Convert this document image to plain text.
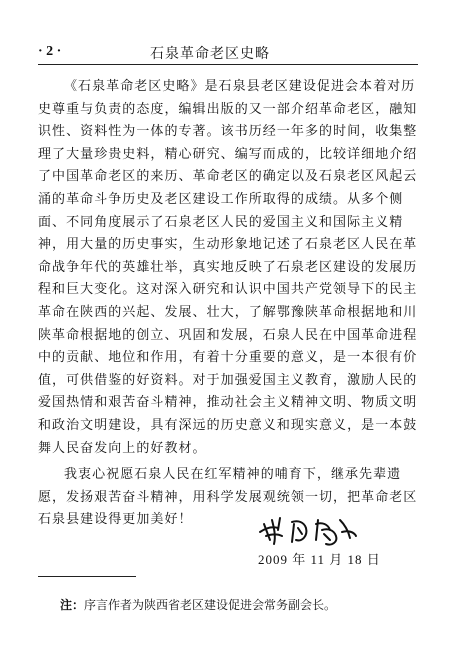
· 2 ·	石泉革命老区史略
《石泉革命老区史略》是石泉县老区建设促进会本着对历
史尊重与负责的态度，编辑出版的又一部介绍革命老区，融知
识性、资料性为一体的专著。该书历经一年多的时间，收集整
理了大量珍贵史料，精心研究、编写而成的，比较详细地介绍
了中国革命老区的来历、革命老区的确定以及石泉老区风起云
涌的革命斗争历史及老区建设工作所取得的成绩。从多个侧
面、不同角度展示了石泉老区人民的爱国主义和国际主义精
神，用大量的历史事实，生动形象地记述了石泉老区人民在革
命战争年代的英雄壮举，真实地反映了石泉老区建设的发展历
程和巨大变化。这对深入研究和认识中国共产党领导下的民主
革命在陕西的兴起、发展、壮大，了解鄂豫陕革命根据地和川
陕革命根据地的创立、巩固和发展，石泉人民在中国革命进程
中的贡献、地位和作用，有着十分重要的意义，是一本很有价
值，可供借鉴的好资料。对于加强爱国主义教育，激励人民的
爱国热情和艰苦奋斗精神，推动社会主义精神文明、物质文明
和政治文明建设，具有深远的历史意义和现实意义，是一本鼓
舞人民奋发向上的好教材。
我衷心祝愿石泉人民在红军精神的哺育下，继承先辈遗
愿，发扬艰苦奋斗精神，用科学发展观统领一切，把革命老区
石泉县建设得更加美好！
2009 年 11 月 18 日
注：序言作者为陕西省老区建设促进会常务副会长。
